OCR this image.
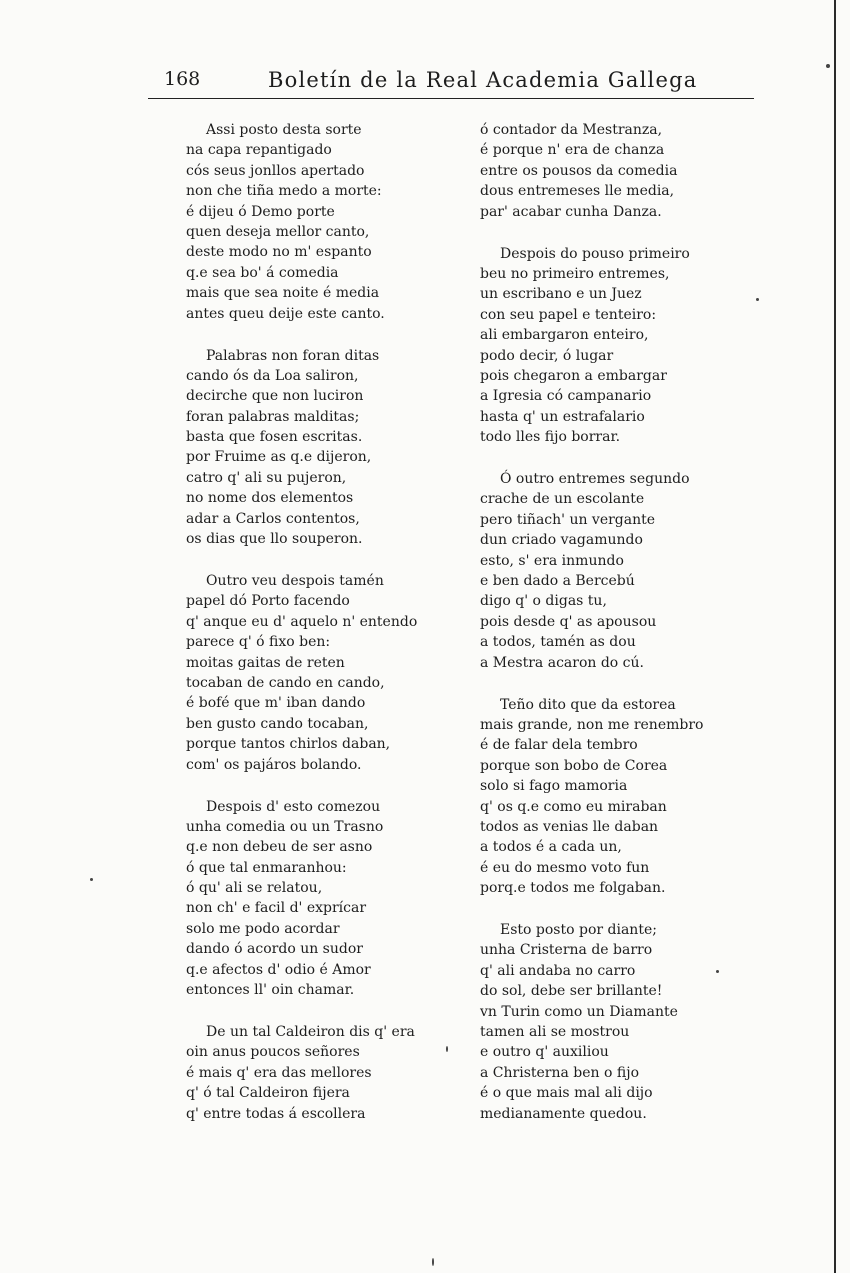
168	Boletín de la Real Academia Gallega
Assi posto desta sorte
na capa repantigado
cós seus jonllos apertado
non che tiña medo a morte:
é dijeu ó Demo porte
quen deseja mellor canto,
deste modo no m' espanto
q.e sea bo' á comedia
mais que sea noite é media
antes queu deije este canto.
Palabras non foran ditas
cando ós da Loa saliron,
decirche que non luciron
foran palabras malditas;
basta que fosen escritas.
por Fruime as q.e dijeron,
catro q' ali su pujeron,
no nome dos elementos
adar a Carlos contentos,
os dias que llo souperon.
Outro veu despois tamén
papel dó Porto facendo
q' anque eu d' aquelo n' entendo
parece q' ó fixo ben:
moitas gaitas de reten
tocaban de cando en cando,
é bofé que m' iban dando
ben gusto cando tocaban,
porque tantos chirlos daban,
com' os pajáros bolando.
Despois d' esto comezou
unha comedia ou un Trasno
q.e non debeu de ser asno
ó que tal enmaranhou:
ó qu' ali se relatou,
non ch' e facil d' exprícar
solo me podo acordar
dando ó acordo un sudor
q.e afectos d' odio é Amor
entonces ll' oin chamar.
De un tal Caldeiron dis q' era
oin anus poucos señores
é mais q' era das mellores
q' ó tal Caldeiron fijera
q' entre todas á escollera
ó contador da Mestranza,
é porque n' era de chanza
entre os pousos da comedia
dous entremeses lle media,
par' acabar cunha Danza.
Despois do pouso primeiro
beu no primeiro entremes,
un escribano e un Juez
con seu papel e tenteiro:
ali embargaron enteiro,
podo decir, ó lugar
pois chegaron a embargar
a Igresia có campanario
hasta q' un estrafalario
todo lles fijo borrar.
Ó outro entremes segundo
crache de un escolante
pero tiñach' un vergante
dun criado vagamundo
esto, s' era inmundo
e ben dado a Bercebú
digo q' o digas tu,
pois desde q' as apousou
a todos, tamén as dou
a Mestra acaron do cú.
Teño dito que da estorea
mais grande, non me renembro
é de falar dela tembro
porque son bobo de Corea
solo si fago mamoria
q' os q.e como eu miraban
todos as venias lle daban
a todos é a cada un,
é eu do mesmo voto fun
porq.e todos me folgaban.
Esto posto por diante;
unha Cristerna de barro
q' ali andaba no carro
do sol, debe ser brillante!
vn Turin como un Diamante
tamen ali se mostrou
e outro q' auxiliou
a Christerna ben o fijo
é o que mais mal ali dijo
medianamente quedou.
